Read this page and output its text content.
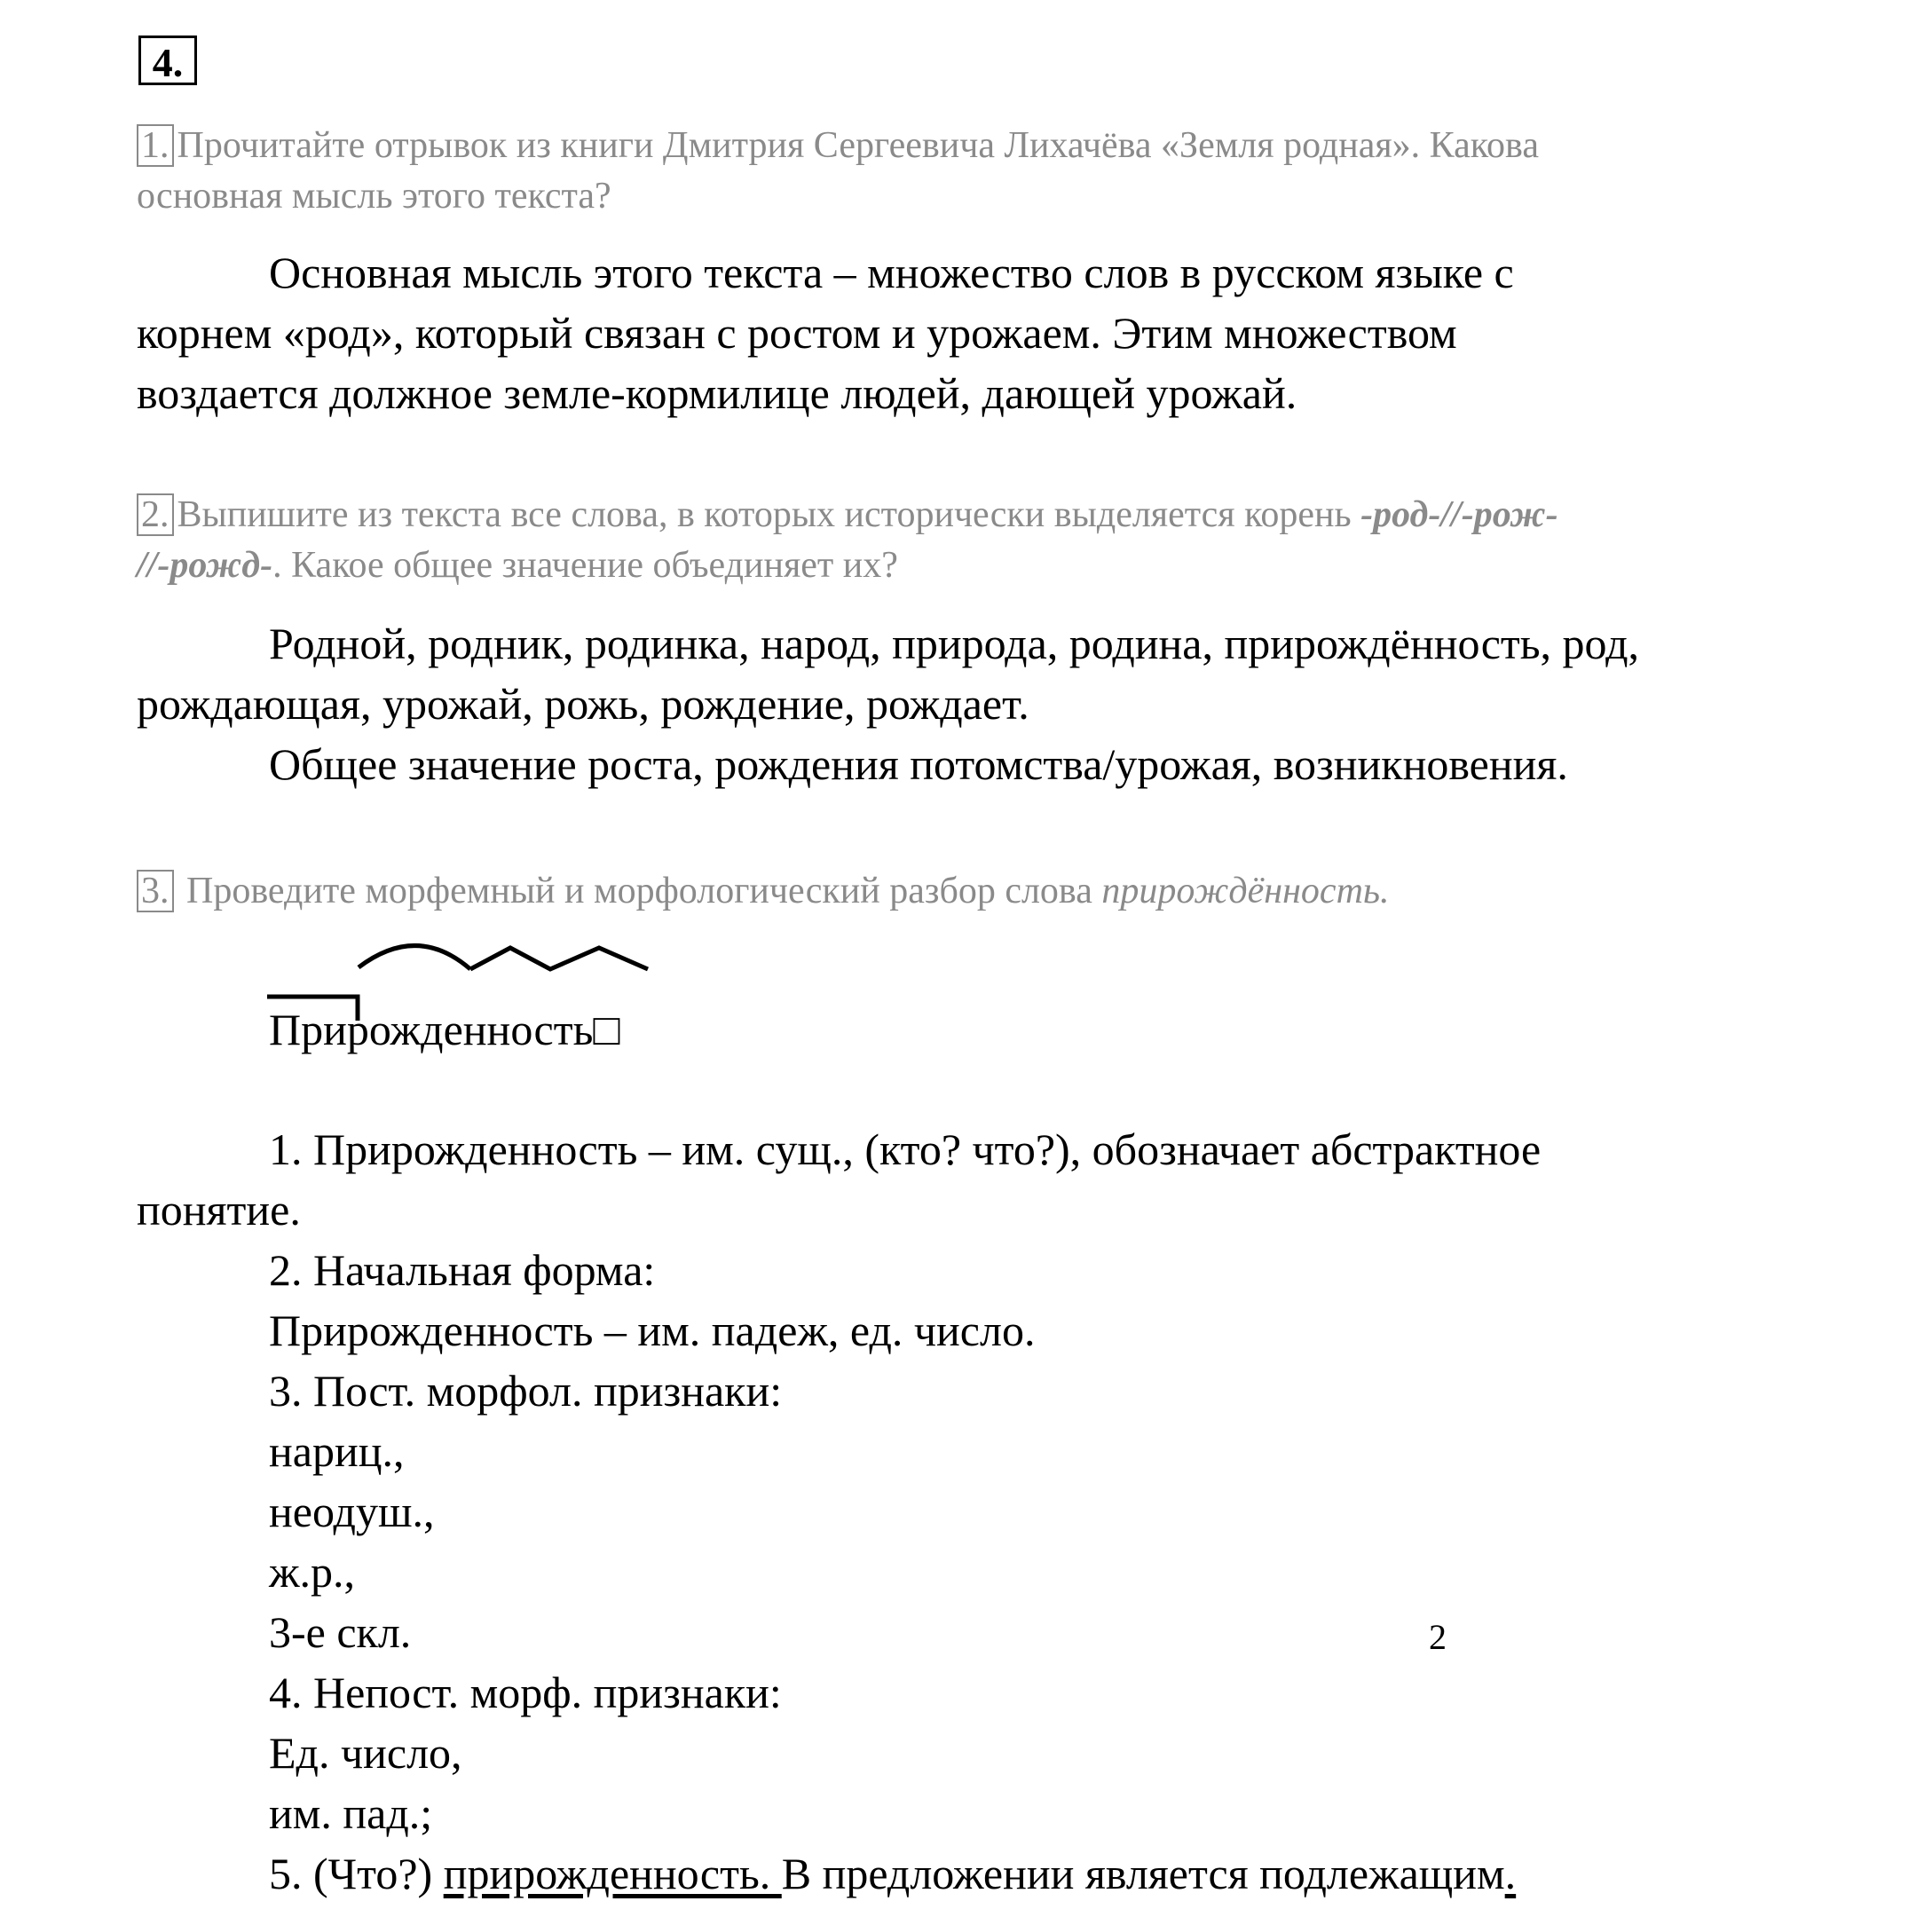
4.
1. Прочитайте отрывок из книги Дмитрия Сергеевича Лихачёва «Земля родная». Какова
основная мысль этого текста?
Основная мысль этого текста – множество слов в русском языке с
корнем «род», который связан с ростом и урожаем. Этим множеством
воздается должное земле-кормилице людей, дающей урожай.
2. Выпишите из текста все слова, в которых исторически выделяется корень -род-//-рож-
//-рожд-. Какое общее значение объединяет их?
Родной, родник, родинка, народ, природа, родина, прирождённость, род,
рождающая, урожай, рожь, рождение, рождает.
Общее значение роста, рождения потомства/урожая, возникновения.
3. Проведите морфемный и морфологический разбор слова прирождённость.
Прирожденность□
1. Прирожденность – им. сущ., (кто? что?), обозначает абстрактное
понятие.
2. Начальная форма:
Прирожденность – им. падеж, ед. число.
3. Пост. морфол. признаки:
нариц.,
неодуш.,
ж.р.,
3-е скл.
4. Непост. морф. признаки:
Ед. число,
им. пад.;
5. (Что?) прирожденность. В предложении является подлежащим.
2
